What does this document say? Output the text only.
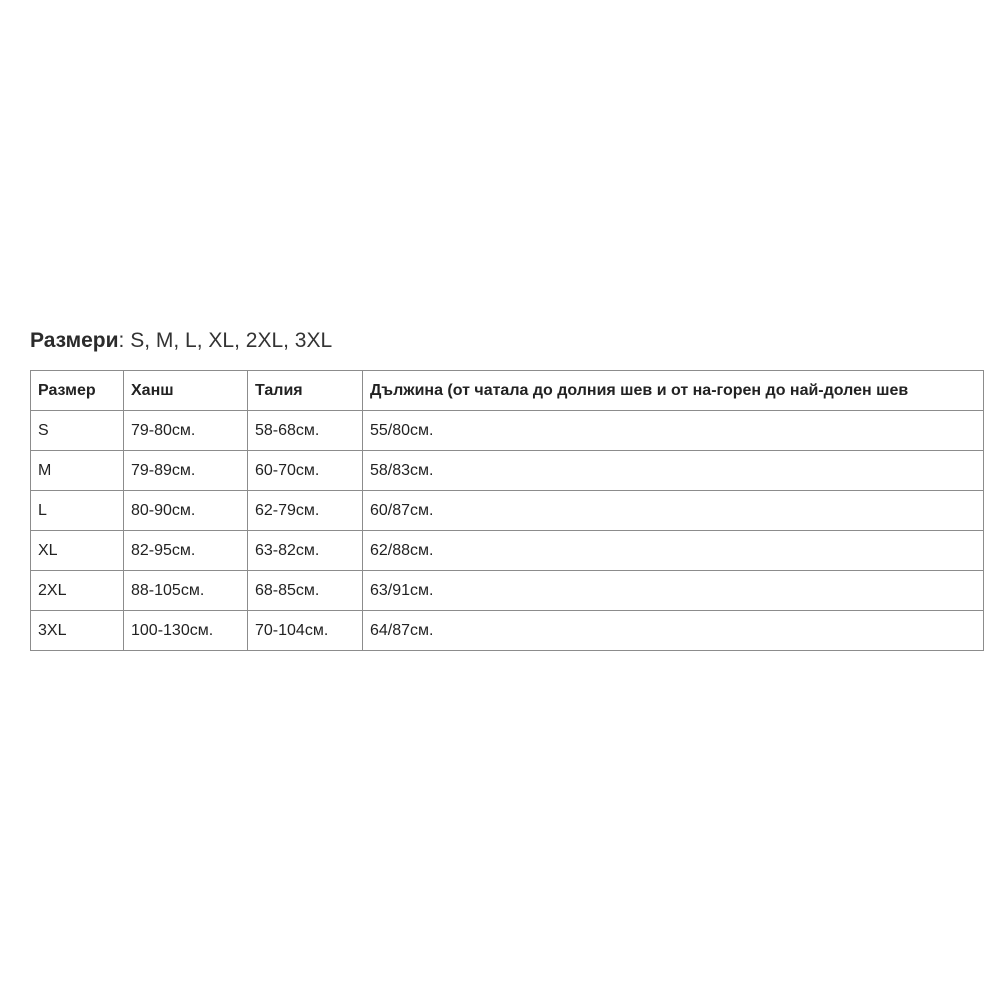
Размери: S, M, L, XL, 2XL, 3XL
Размер	Ханш	Талия	Дължина (от чатала до долния шев и от на-горен до най-долен шев
S	79-80см.	58-68см.	55/80см.
M	79-89см.	60-70см.	58/83см.
L	80-90см.	62-79см.	60/87см.
XL	82-95см.	63-82см.	62/88см.
2XL	88-105см.	68-85см.	63/91см.
3XL	100-130см.	70-104см.	64/87см.
